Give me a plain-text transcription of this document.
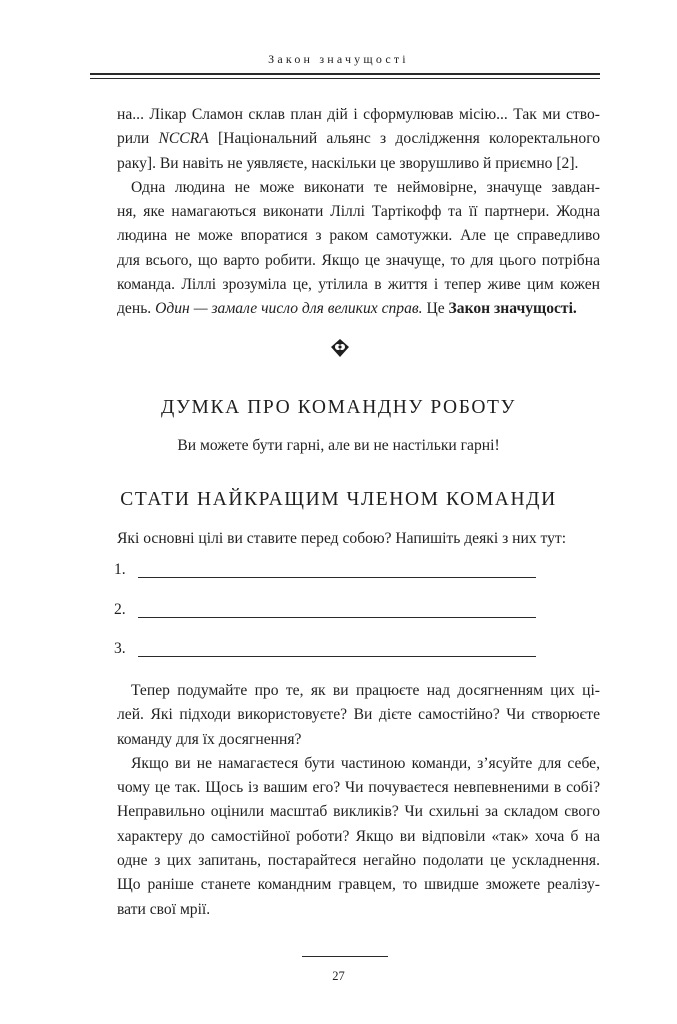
Закон значущості

на... Лікар Сламон склав план дій і сформулював місію... Так ми ство-
рили NCCRA [Національний альянс з дослідження колоректального
раку]. Ви навіть не уявляєте, наскільки це зворушливо й приємно [2].

Одна людина не може виконати те неймовірне, значуще завдан-
ня, яке намагаються виконати Ліллі Тартікофф та її партнери. Жодна
людина не може впоратися з раком самотужки. Але це справедливо
для всього, що варто робити. Якщо це значуще, то для цього потрібна
команда. Ліллі зрозуміла це, утілила в життя і тепер живе цим кожен
день. Один — замале число для великих справ. Це Закон значущості.

ДУМКА ПРО КОМАНДНУ РОБОТУ
Ви можете бути гарні, але ви не настільки гарні!
СТАТИ НАЙКРАЩИМ ЧЛЕНОМ КОМАНДИ
Які основні цілі ви ставите перед собою? Напишіть деякі з них тут:
1.
2.
3.

Тепер подумайте про те, як ви працюєте над досягненням цих ці-
лей. Які підходи використовуєте? Ви дієте самостійно? Чи створюєте
команду для їх досягнення?

Якщо ви не намагаєтеся бути частиною команди, з’ясуйте для себе,
чому це так. Щось із вашим его? Чи почуваєтеся невпевненими в собі?
Неправильно оцінили масштаб викликів? Чи схильні за складом свого
характеру до самостійної роботи? Якщо ви відповіли «так» хоча б на
одне з цих запитань, постарайтеся негайно подолати це ускладнення.
Що раніше станете командним гравцем, то швидше зможете реалізу-
вати свої мрії.

27
